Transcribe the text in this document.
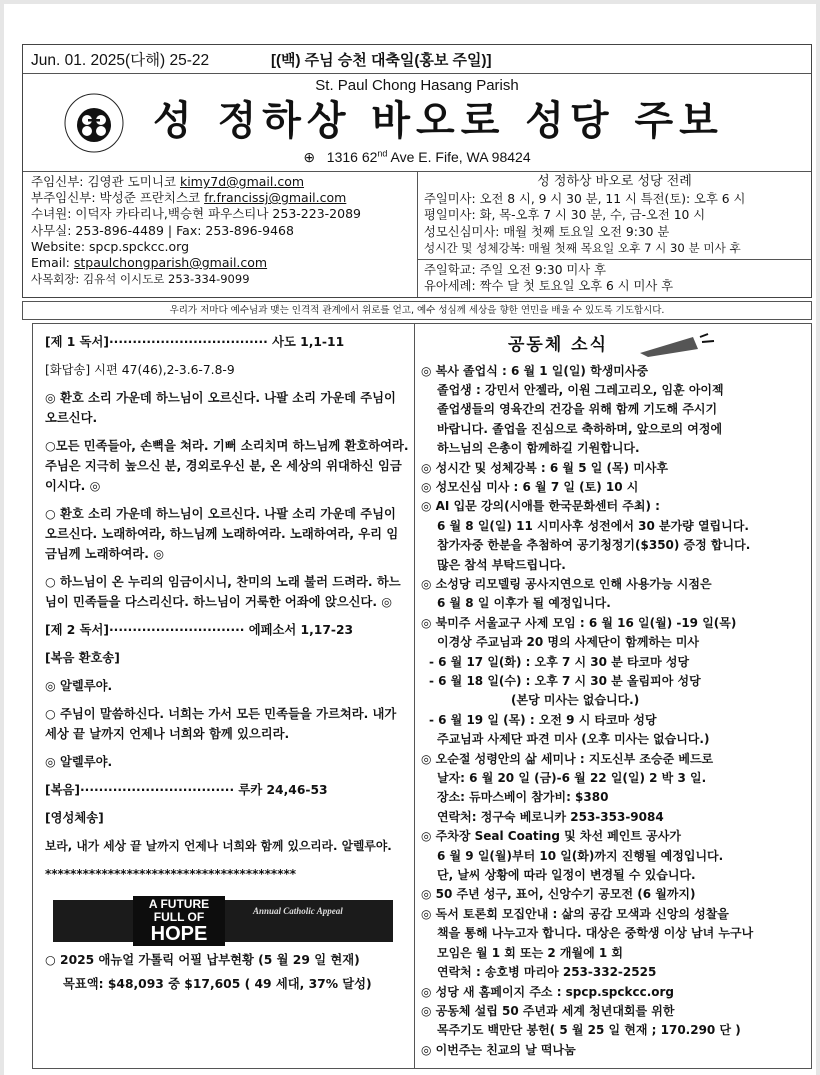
Jun. 01. 2025(다해) 25-22	[(백) 주님 승천 대축일(홍보 주일)]
St. Paul Chong Hasang Parish
성 정하상 바오로 성당 주보
⊕   1316 62nd Ave E. Fife, WA 98424
주임신부: 김영관 도미니코 kimy7d@gmail.com
부주임신부: 박성준 프란치스코 fr.francissj@gmail.com
수녀원: 이덕자 카타리나,백승현 파우스티나 253-223-2089
사무실: 253-896-4489 | Fax: 253-896-9468
Website: spcp.spckcc.org
Email: stpaulchongparish@gmail.com
사목회장: 김유석 이시도로 253-334-9099
성 정하상 바오로 성당 전례
주일미사: 오전 8 시, 9 시 30 분, 11 시 특전(토): 오후 6 시
평일미사: 화, 목-오후 7 시 30 분, 수, 금-오전 10 시
성모신심미사: 매월 첫째 토요일 오전 9:30 분
성시간 및 성체강복: 매월 첫째 목요일 오후 7 시 30 분 미사 후
주일학교: 주일 오전 9:30 미사 후
유아세례: 짝수 달 첫 토요일 오후 6 시 미사 후
우리가 저마다 예수님과 맺는 인격적 관계에서 위로를 얻고, 예수 성심께 세상을 향한 연민을 배울 수 있도록 기도합시다.

[제 1 독서]·································· 사도 1,1-11

[화답송] 시편 47(46),2-3.6-7.8-9

◎ 환호 소리 가운데 하느님이 오르신다. 나팔 소리 가운데 주님이 오르신다.

○모든 민족들아, 손뼉을 쳐라. 기뻐 소리치며 하느님께 환호하여라. 주님은 지극히 높으신 분, 경외로우신 분, 온 세상의 위대하신 임금이시다. ◎

○ 환호 소리 가운데 하느님이 오르신다. 나팔 소리 가운데 주님이 오르신다. 노래하여라, 하느님께 노래하여라. 노래하여라, 우리 임금님께 노래하여라. ◎

○ 하느님이 온 누리의 임금이시니, 찬미의 노래 불러 드려라. 하느님이 민족들을 다스리신다. 하느님이 거룩한 어좌에 앉으신다. ◎

[제 2 독서]····························· 에페소서 1,17-23

[복음 환호송]

◎ 알렐루야.

○ 주님이 말씀하신다. 너희는 가서 모든 민족들을 가르쳐라. 내가 세상 끝 날까지 언제나 너희와 함께 있으리라.

◎ 알렐루야.

[복음]································· 루카 24,46-53

[영성체송]

보라, 내가 세상 끝 날까지 언제나 너희와 함께 있으리라. 알렐루야.

****************************************
A FUTURE
FULL OF
HOPE
Annual Catholic Appeal

○ 2025 애뉴얼 가톨릭 어필 납부현황 (5 월 29 일 현재)

목표액: $48,093 중 $17,605 ( 49 세대, 37% 달성)

공동체 소식
◎ 복사 졸업식 : 6 월 1 일(일) 학생미사중
졸업생 : 강민서 안젤라, 이원 그레고리오, 임훈 아이젝
졸업생들의 영육간의 건강을 위해 함께 기도해 주시기
바랍니다. 졸업을 진심으로 축하하며, 앞으로의 여정에
하느님의 은총이 함께하길 기원합니다.
◎ 성시간 및 성체강복 : 6 월 5 일 (목) 미사후
◎ 성모신심 미사 : 6 월 7 일 (토) 10 시
◎ AI 입문 강의(시애틀 한국문화센터 주최) :
6 월 8 일(일) 11 시미사후 성전에서 30 분가량 열립니다.
참가자중 한분을 추첨하여 공기청정기($350) 증정 합니다.
많은 참석 부탁드립니다.
◎ 소성당 리모델링 공사지연으로 인해 사용가능 시점은
6 월 8 일 이후가 될 예정입니다.
◎ 북미주 서울교구 사제 모임 : 6 월 16 일(월) -19 일(목)
이경상 주교님과 20 명의 사제단이 함께하는 미사
- 6 월 17 일(화) : 오후 7 시 30 분 타코마 성당
- 6 월 18 일(수) : 오후 7 시 30 분 올림피아 성당
(본당 미사는 없습니다.)
- 6 월 19 일 (목) : 오전 9 시 타코마 성당
주교님과 사제단 파견 미사 (오후 미사는 없습니다.)
◎ 오순절 성령안의 삶 세미나 : 지도신부 조승준 베드로
날자: 6 월 20 일 (금)-6 월 22 일(일) 2 박 3 일.
장소: 듀마스베이 참가비: $380
연락처: 정구숙 베로니카 253-353-9084
◎ 주차장 Seal Coating 및 차선 페인트 공사가
6 월 9 일(월)부터 10 일(화)까지 진행될 예정입니다.
단, 날씨 상황에 따라 일정이 변경될 수 있습니다.
◎ 50 주년 성구, 표어, 신앙수기 공모전 (6 월까지)
◎ 독서 토론회 모집안내 : 삶의 공감 모색과 신앙의 성찰을
책을 통해 나누고자 합니다. 대상은 중학생 이상 남녀 누구나
모임은 월 1 회 또는 2 개월에 1 회
연락처 : 송호병 마리아 253-332-2525
◎ 성당 새 홈페이지 주소 : spcp.spckcc.org
◎ 공동체 설립 50 주년과 세계 청년대회를 위한
목주기도 백만단 봉헌( 5 월 25 일 현재 ; 170.290 단 )
◎ 이번주는 친교의 날 떡나눔
